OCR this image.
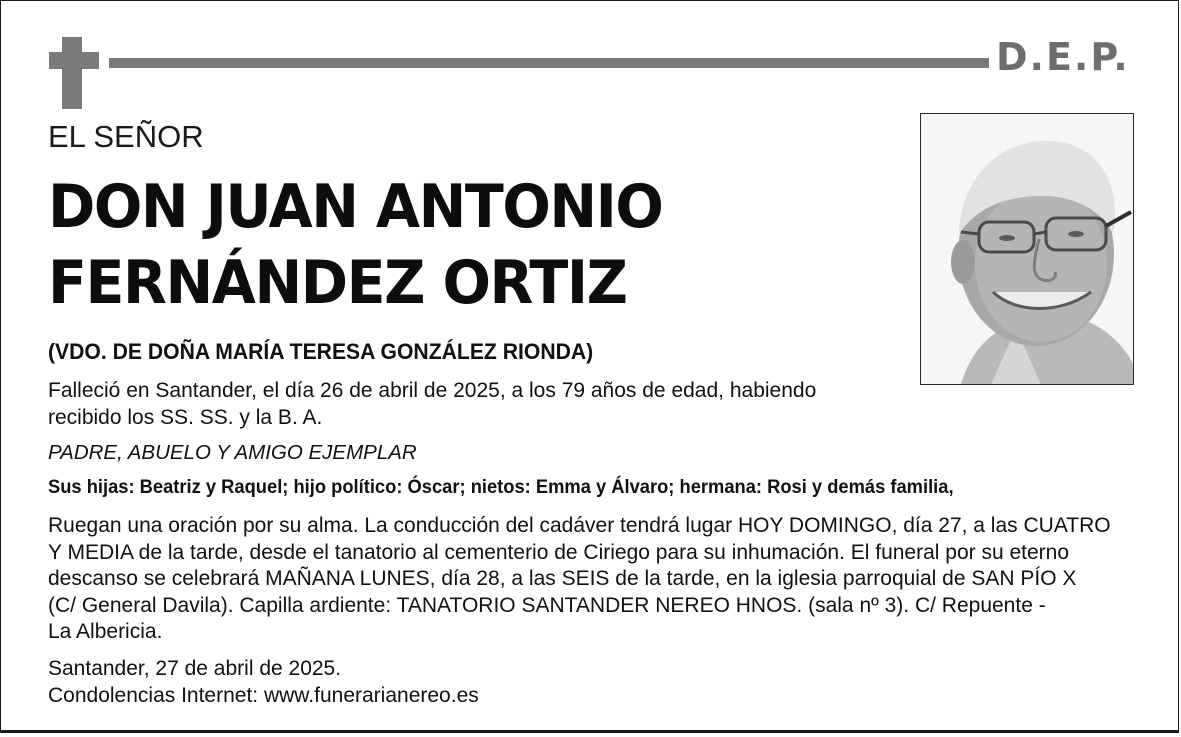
D.E.P.
EL SEÑOR
DON JUAN ANTONIO
FERNÁNDEZ ORTIZ
(VDO. DE DOÑA MARÍA TERESA GONZÁLEZ RIONDA)
Falleció en Santander, el día 26 de abril de 2025, a los 79 años de edad, habiendo
recibido los SS. SS. y la B. A.
PADRE, ABUELO Y AMIGO EJEMPLAR
Sus hijas: Beatriz y Raquel; hijo político: Óscar; nietos: Emma y Álvaro; hermana: Rosi y demás familia,
Ruegan una oración por su alma. La conducción del cadáver tendrá lugar HOY DOMINGO, día 27, a las CUATRO
Y MEDIA de la tarde, desde el tanatorio al cementerio de Ciriego para su inhumación. El funeral por su eterno
descanso se celebrará MAÑANA LUNES, día 28, a las SEIS de la tarde, en la iglesia parroquial de SAN PÍO X
(C/ General Davila). Capilla ardiente: TANATORIO SANTANDER NEREO HNOS. (sala nº 3). C/ Repuente -
La Albericia.
Santander, 27 de abril de 2025.
Condolencias Internet: www.funerarianereo.es
